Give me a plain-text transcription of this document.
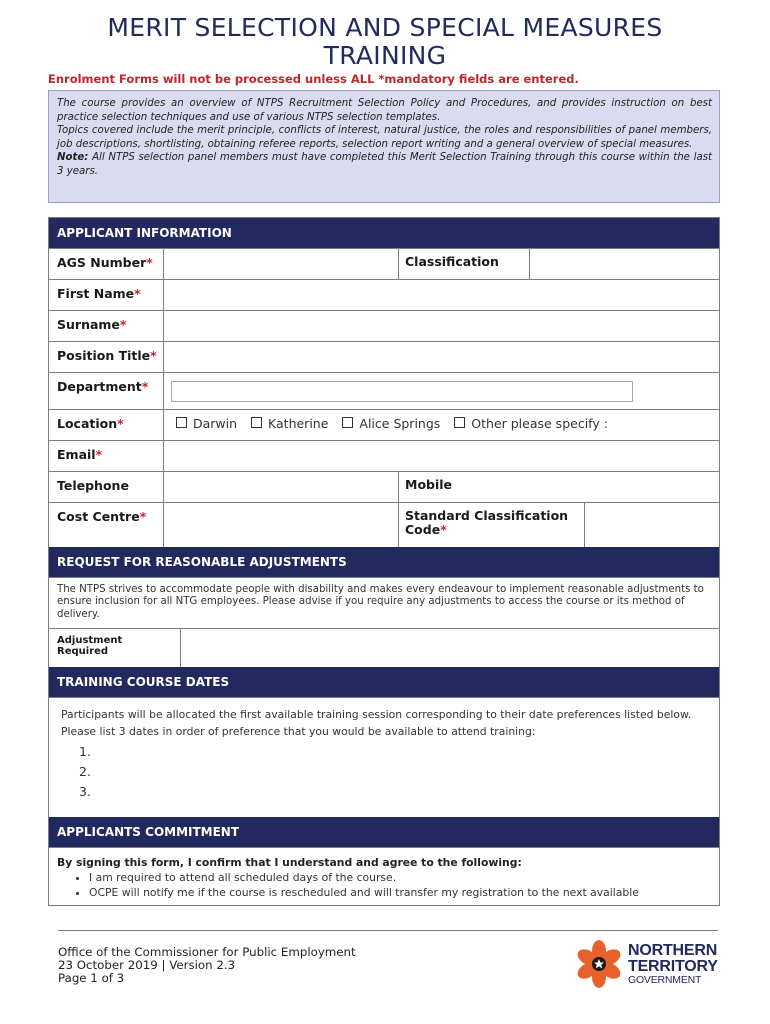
MERIT SELECTION AND SPECIAL MEASURES
TRAINING
Enrolment Forms will not be processed unless ALL *mandatory fields are entered.

The course provides an overview of NTPS Recruitment Selection Policy and Procedures, and provides instruction on best practice selection techniques and use of various NTPS selection templates.

Topics covered include the merit principle, conflicts of interest, natural justice, the roles and responsibilities of panel members, job descriptions, shortlisting, obtaining referee reports, selection report writing and a general overview of special measures.

Note: All NTPS selection panel members must have completed this Merit Selection Training through this course within the last 3 years.

APPLICANT INFORMATION
AGS Number*	Classification
First Name*
Surname*
Position Title*
Department*
Location*	Darwin Katherine Alice Springs Other please specify :
Email*
Telephone	Mobile
Cost Centre*	Standard Classification Code*
REQUEST FOR REASONABLE ADJUSTMENTS
The NTPS strives to accommodate people with disability and makes every endeavour to implement reasonable adjustments to ensure inclusion for all NTG employees. Please advise if you require any adjustments to access the course or its method of delivery.
Adjustment
Required
TRAINING COURSE DATES

Participants will be allocated the first available training session corresponding to their date preferences listed below.

Please list 3 dates in order of preference that you would be available to attend training:

1.
2.
3.
APPLICANTS COMMITMENT
By signing this form, I confirm that I understand and agree to the following:
• I am required to attend all scheduled days of the course.
• OCPE will notify me if the course is rescheduled and will transfer my registration to the next available
Office of the Commissioner for Public Employment
23 October 2019 | Version 2.3
Page 1 of 3
NORTHERN
TERRITORY
GOVERNMENT
